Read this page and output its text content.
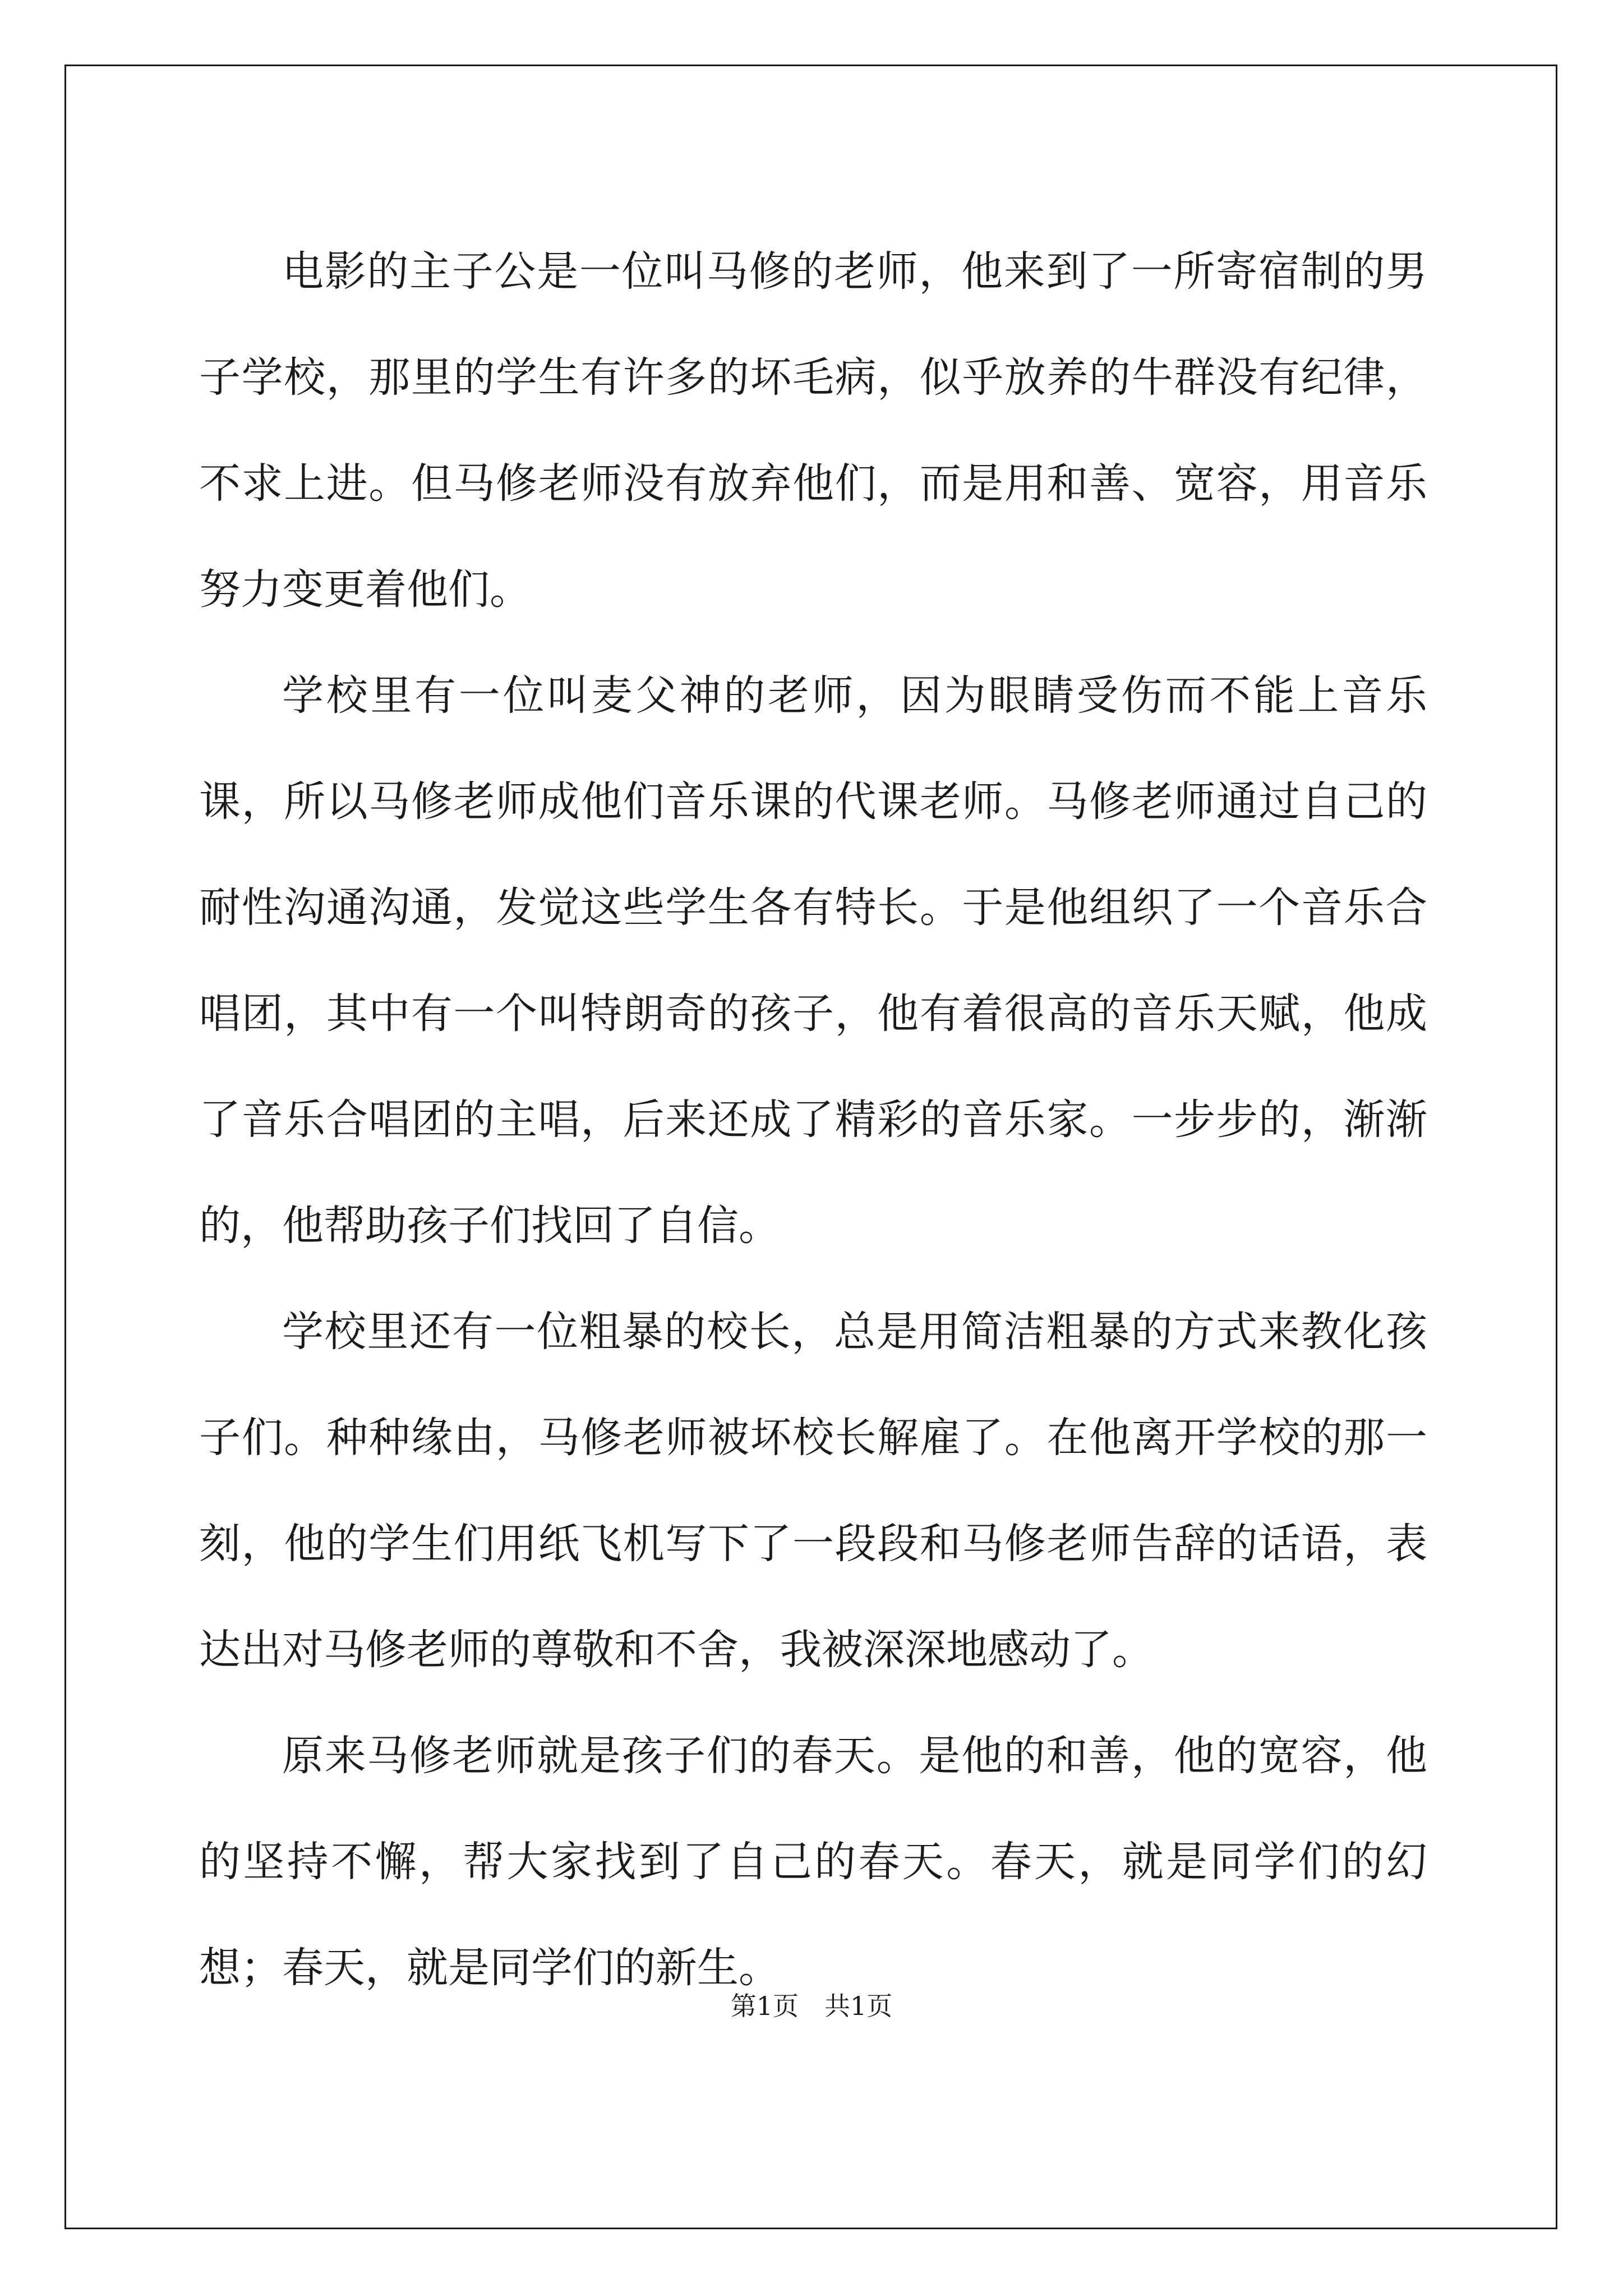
电影的主子公是一位叫马修的老师，他来到了一所寄宿制的男子学校，那里的学生有许多的坏毛病，似乎放养的牛群没有纪律，不求上进。但马修老师没有放弃他们，而是用和善、宽容，用音乐努力变更着他们。

学校里有一位叫麦父神的老师，因为眼睛受伤而不能上音乐课，所以马修老师成他们音乐课的代课老师。马修老师通过自己的耐性沟通沟通，发觉这些学生各有特长。于是他组织了一个音乐合唱团，其中有一个叫特朗奇的孩子，他有着很高的音乐天赋，他成了音乐合唱团的主唱，后来还成了精彩的音乐家。一步步的，渐渐的，他帮助孩子们找回了自信。

学校里还有一位粗暴的校长，总是用简洁粗暴的方式来教化孩子们。种种缘由，马修老师被坏校长解雇了。在他离开学校的那一刻，他的学生们用纸飞机写下了一段段和马修老师告辞的话语，表达出对马修老师的尊敬和不舍，我被深深地感动了。

原来马修老师就是孩子们的春天。是他的和善，他的宽容，他的坚持不懈，帮大家找到了自己的春天。春天，就是同学们的幻想；春天，就是同学们的新生。

第1页 共1页
